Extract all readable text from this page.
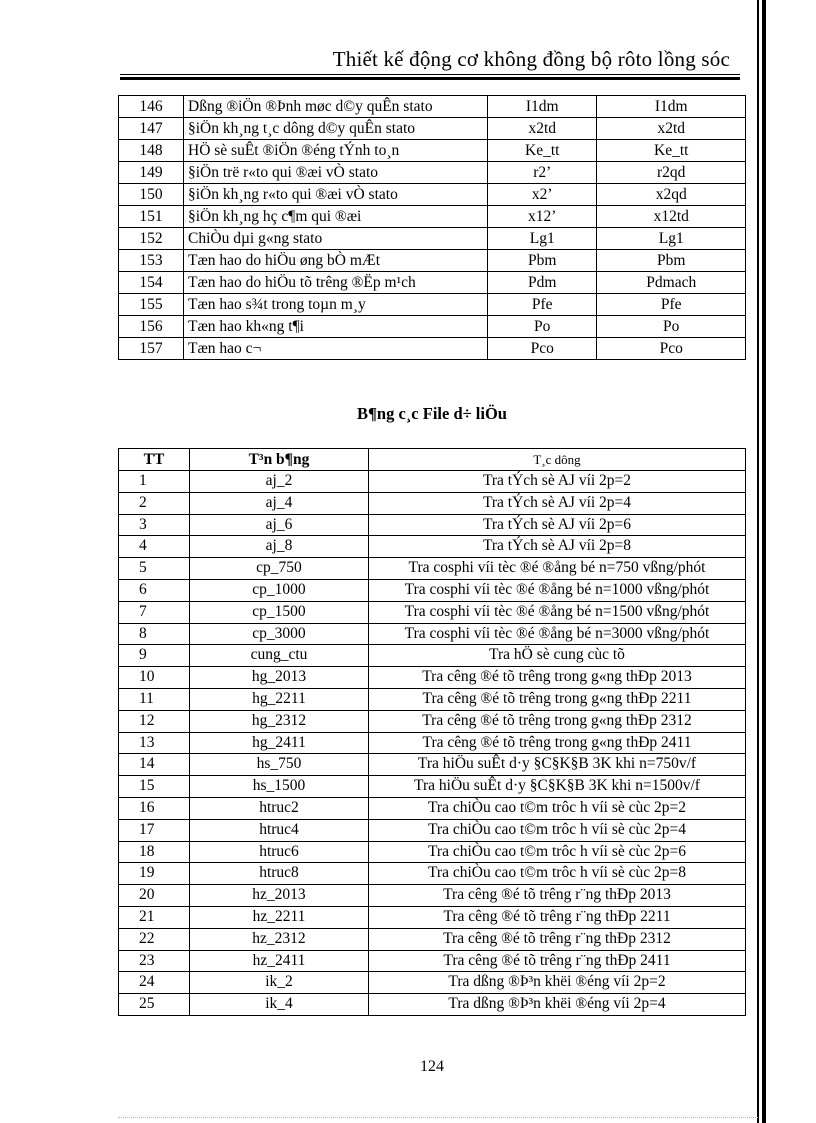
Thiết kế động cơ không đồng bộ rôto lồng sóc
146	Dßng ®iÖn ®Þnh møc d©y quÊn stato	I1dm	I1dm
147	§iÖn kh¸ng t¸c dông d©y quÊn stato	x2td	x2td
148	HÖ sè suÊt ®iÖn ®éng tÝnh to¸n	Ke_tt	Ke_tt
149	§iÖn trë r«to qui ®æi vÒ stato	r2’	r2qd
150	§iÖn kh¸ng r«to qui ®æi vÒ stato	x2’	x2qd
151	§iÖn kh¸ng hç c¶m qui ®æi	x12’	x12td
152	ChiÒu dµi g«ng stato	Lg1	Lg1
153	Tæn hao do hiÖu øng bÒ mÆt	Pbm	Pbm
154	Tæn hao do hiÖu tõ trêng ®Ëp m¹ch	Pdm	Pdmach
155	Tæn hao s¾t trong toµn m¸y	Pfe	Pfe
156	Tæn hao kh«ng t¶i	Po	Po
157	Tæn hao c¬	Pco	Pco
B¶ng c¸c File d÷ liÖu
TT	T³n b¶ng	T¸c dông
1	aj_2	Tra tÝch sè AJ víi 2p=2
2	aj_4	Tra tÝch sè AJ víi 2p=4
3	aj_6	Tra tÝch sè AJ víi 2p=6
4	aj_8	Tra tÝch sè AJ víi 2p=8
5	cp_750	Tra cosphi víi tèc ®é ®ång bé n=750 vßng/phót
6	cp_1000	Tra cosphi víi tèc ®é ®ång bé n=1000 vßng/phót
7	cp_1500	Tra cosphi víi tèc ®é ®ång bé n=1500 vßng/phót
8	cp_3000	Tra cosphi víi tèc ®é ®ång bé n=3000 vßng/phót
9	cung_ctu	Tra hÖ sè cung cùc tõ
10	hg_2013	Tra cêng ®é tõ trêng trong g«ng thÐp 2013
11	hg_2211	Tra cêng ®é tõ trêng trong g«ng thÐp 2211
12	hg_2312	Tra cêng ®é tõ trêng trong g«ng thÐp 2312
13	hg_2411	Tra cêng ®é tõ trêng trong g«ng thÐp 2411
14	hs_750	Tra hiÖu suÊt d·y §C§K§B 3K khi n=750v/f
15	hs_1500	Tra hiÖu suÊt d·y §C§K§B 3K khi n=1500v/f
16	htruc2	Tra chiÒu cao t©m trôc h víi sè cùc 2p=2
17	htruc4	Tra chiÒu cao t©m trôc h víi sè cùc 2p=4
18	htruc6	Tra chiÒu cao t©m trôc h víi sè cùc 2p=6
19	htruc8	Tra chiÒu cao t©m trôc h víi sè cùc 2p=8
20	hz_2013	Tra cêng ®é tõ trêng r¨ng thÐp 2013
21	hz_2211	Tra cêng ®é tõ trêng r¨ng thÐp 2211
22	hz_2312	Tra cêng ®é tõ trêng r¨ng thÐp 2312
23	hz_2411	Tra cêng ®é tõ trêng r¨ng thÐp 2411
24	ik_2	Tra dßng ®Þ³n khëi ®éng víi 2p=2
25	ik_4	Tra dßng ®Þ³n khëi ®éng víi 2p=4
124
